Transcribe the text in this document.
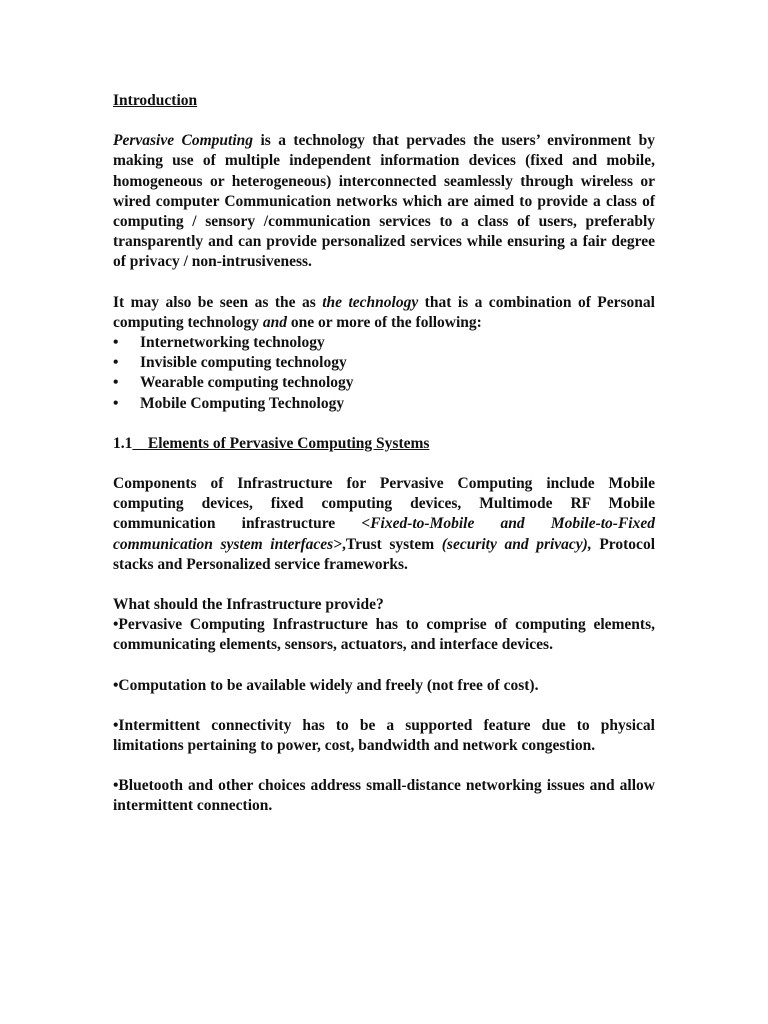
Introduction

Pervasive Computing is a technology that pervades the users’ environment by making use of multiple independent information devices (fixed and mobile, homogeneous or heterogeneous) interconnected seamlessly through wireless or wired computer Communication networks which are aimed to provide a class of computing / sensory /communication services to a class of users, preferably transparently and can provide personalized services while ensuring a fair degree of privacy / non-intrusiveness.

It may also be seen as the as the technology that is a combination of Personal computing technology and one or more of the following:

•	Internetworking technology
•	Invisible computing technology
•	Wearable computing technology
•	Mobile Computing Technology

1.1 Elements of Pervasive Computing Systems

Components of Infrastructure for Pervasive Computing include Mobile computing devices, fixed computing devices, Multimode RF Mobile communication infrastructure <Fixed-to-Mobile and Mobile-to-Fixed communication system interfaces>,Trust system (security and privacy), Protocol stacks and Personalized service frameworks.

What should the Infrastructure provide?

•Pervasive Computing Infrastructure has to comprise of computing elements, communicating elements, sensors, actuators, and interface devices.

•Computation to be available widely and freely (not free of cost).

•Intermittent connectivity has to be a supported feature due to physical limitations pertaining to power, cost, bandwidth and network congestion.

•Bluetooth and other choices address small-distance networking issues and allow intermittent connection.
